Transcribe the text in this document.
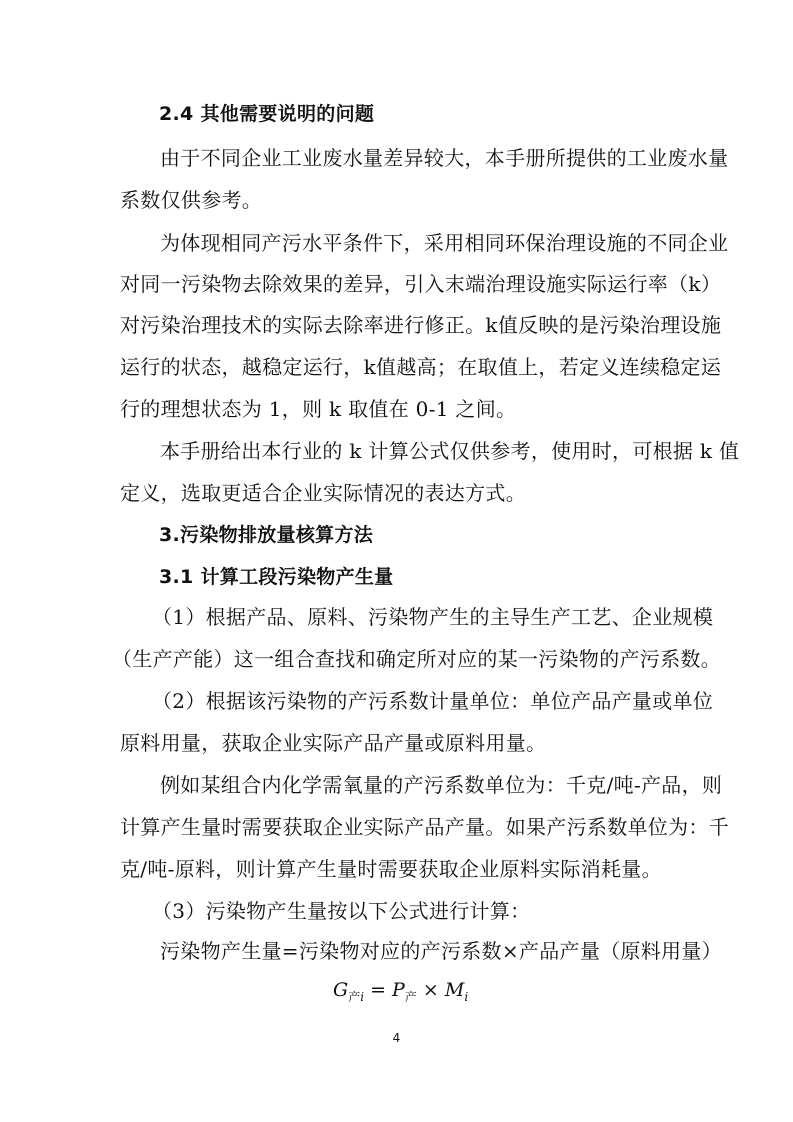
2.4 其他需要说明的问题
由于不同企业工业废水量差异较大，本手册所提供的工业废水量
系数仅供参考。
为体现相同产污水平条件下，采用相同环保治理设施的不同企业
对同一污染物去除效果的差异，引入末端治理设施实际运行率（k）
对污染治理技术的实际去除率进行修正。k值反映的是污染治理设施
运行的状态，越稳定运行，k值越高；在取值上，若定义连续稳定运
行的理想状态为 1，则 k 取值在 0-1 之间。
本手册给出本行业的 k 计算公式仅供参考，使用时，可根据 k 值
定义，选取更适合企业实际情况的表达方式。
3.污染物排放量核算方法
3.1 计算工段污染物产生量
（1）根据产品、原料、污染物产生的主导生产工艺、企业规模
（生产产能）这一组合查找和确定所对应的某一污染物的产污系数。
（2）根据该污染物的产污系数计量单位：单位产品产量或单位
原料用量，获取企业实际产品产量或原料用量。
例如某组合内化学需氧量的产污系数单位为：千克/吨-产品，则
计算产生量时需要获取企业实际产品产量。如果产污系数单位为：千
克/吨-原料，则计算产生量时需要获取企业原料实际消耗量。
（3）污染物产生量按以下公式进行计算：
污染物产生量=污染物对应的产污系数×产品产量（原料用量）
$G_{产i} = P_产 \times M_i$
4
